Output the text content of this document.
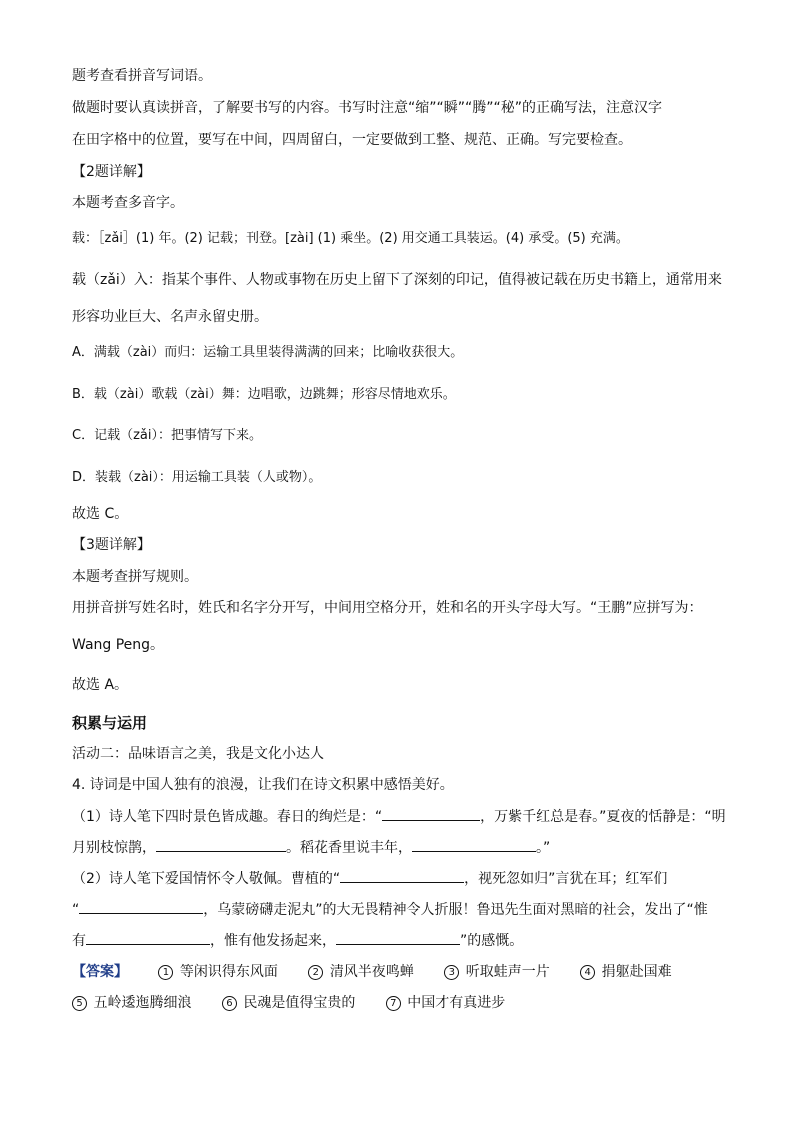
题考查看拼音写词语。
做题时要认真读拼音，了解要书写的内容。书写时注意“缩”“瞬”“腾”“秘”的正确写法，注意汉字
在田字格中的位置，要写在中间，四周留白，一定要做到工整、规范、正确。写完要检查。
【2题详解】
本题考查多音字。
载：［zǎi］(1) 年。(2) 记载；刊登。[zài] (1) 乘坐。(2) 用交通工具装运。(4) 承受。(5) 充满。
载（zǎi）入：指某个事件、人物或事物在历史上留下了深刻的印记，值得被记载在历史书籍上，通常用来
形容功业巨大、名声永留史册。
A．满载（zài）而归：运输工具里装得满满的回来；比喻收获很大。
B．载（zài）歌载（zài）舞：边唱歌，边跳舞；形容尽情地欢乐。
C．记载（zǎi）：把事情写下来。
D．装载（zài）：用运输工具装（人或物）。
故选 C。
【3题详解】
本题考查拼写规则。
用拼音拼写姓名时，姓氏和名字分开写，中间用空格分开，姓和名的开头字母大写。“王鹏”应拼写为：
Wang Peng。
故选 A。
积累与运用
活动二：品味语言之美，我是文化小达人
4. 诗词是中国人独有的浪漫，让我们在诗文积累中感悟美好。
（1）诗人笔下四时景色皆成趣。春日的绚烂是：“	，万紫千红总是春。”夏夜的恬静是：“明
月别枝惊鹊，	。稻花香里说丰年，	。”
（2）诗人笔下爱国情怀令人敬佩。曹植的“	，视死忽如归”言犹在耳；红军们
“	，乌蒙磅礴走泥丸”的大无畏精神令人折服！鲁迅先生面对黑暗的社会，发出了“惟
有	，惟有他发扬起来，	”的感慨。
【答案】	1 等闲识得东风面	2 清风半夜鸣蝉	3 听取蛙声一片	4 捐躯赴国难
5 五岭逶迤腾细浪	6 民魂是值得宝贵的	7 中国才有真进步
